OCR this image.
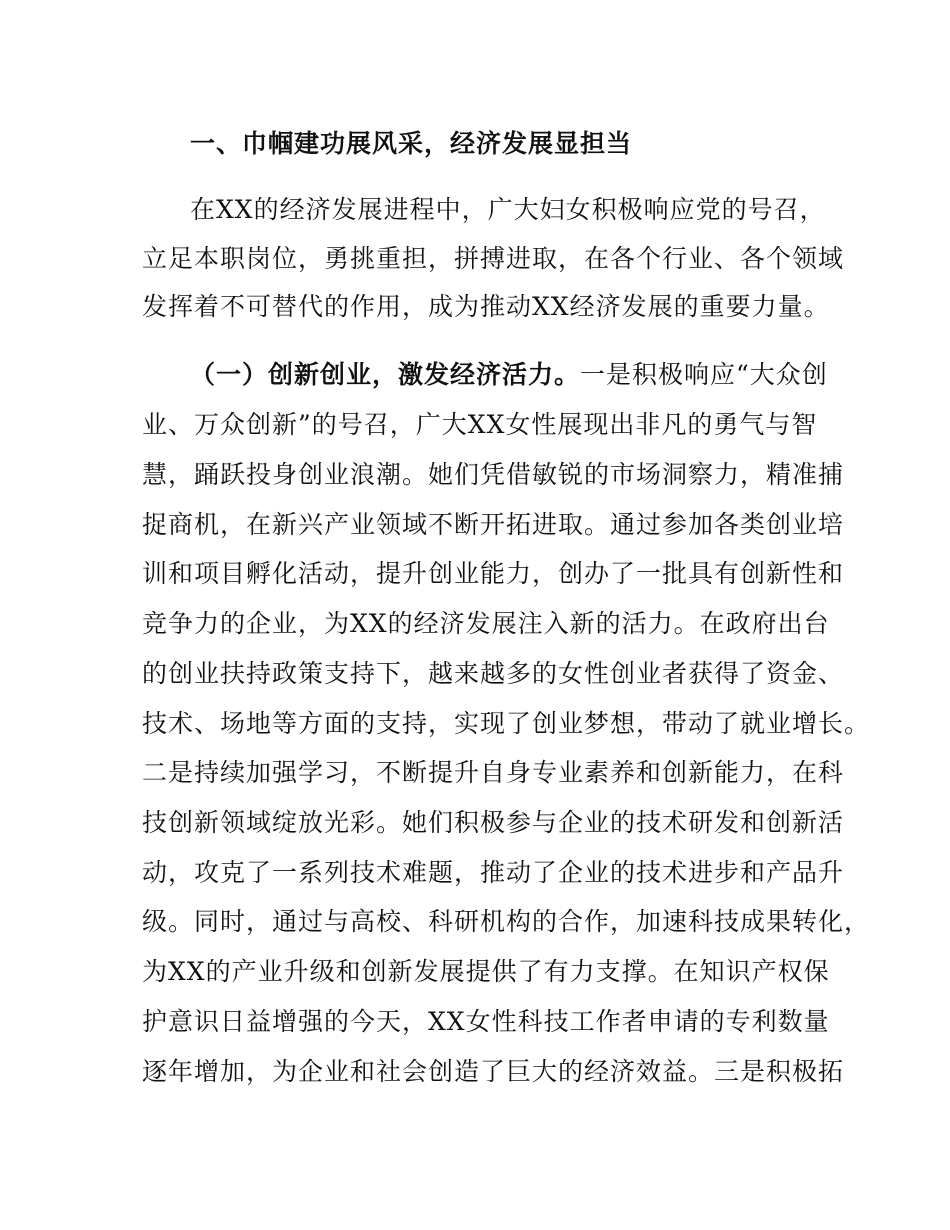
一、巾帼建功展风采，经济发展显担当
在XX的经济发展进程中，广大妇女积极响应党的号召，
立足本职岗位，勇挑重担，拼搏进取，在各个行业、各个领域
发挥着不可替代的作用，成为推动XX经济发展的重要力量。
（一）创新创业，激发经济活力。一是积极响应“大众创
业、万众创新”的号召，广大XX女性展现出非凡的勇气与智
慧，踊跃投身创业浪潮。她们凭借敏锐的市场洞察力，精准捕
捉商机，在新兴产业领域不断开拓进取。通过参加各类创业培
训和项目孵化活动，提升创业能力，创办了一批具有创新性和
竞争力的企业，为XX的经济发展注入新的活力。在政府出台
的创业扶持政策支持下，越来越多的女性创业者获得了资金、
技术、场地等方面的支持，实现了创业梦想，带动了就业增长。
二是持续加强学习，不断提升自身专业素养和创新能力，在科
技创新领域绽放光彩。她们积极参与企业的技术研发和创新活
动，攻克了一系列技术难题，推动了企业的技术进步和产品升
级。同时，通过与高校、科研机构的合作，加速科技成果转化，
为XX的产业升级和创新发展提供了有力支撑。在知识产权保
护意识日益增强的今天，XX女性科技工作者申请的专利数量
逐年增加，为企业和社会创造了巨大的经济效益。三是积极拓
